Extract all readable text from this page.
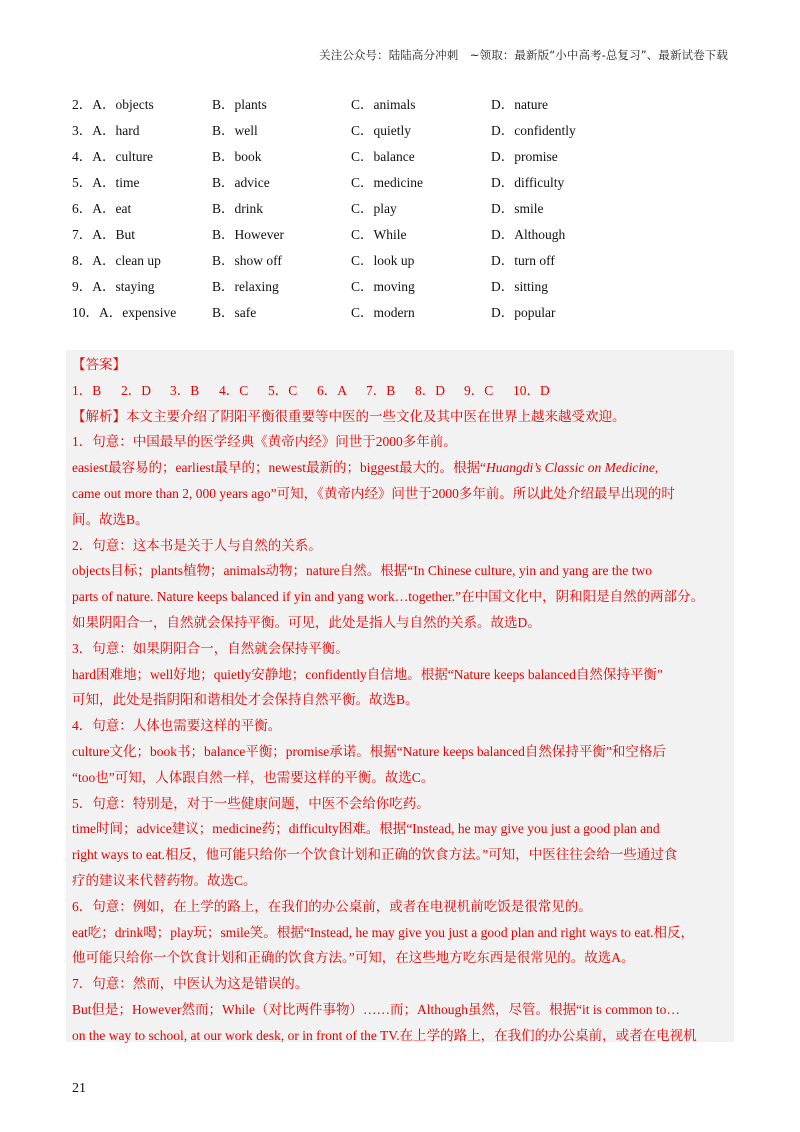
关注公众号：陆陆高分冲刺　~领取：最新版“小中高考-总复习”、最新试卷下载
2．A．objects	B．plants	C．animals	D．nature
3．A．hard	B．well	C．quietly	D．confidently
4．A．culture	B．book	C．balance	D．promise
5．A．time	B．advice	C．medicine	D．difficulty
6．A．eat	B．drink	C．play	D．smile
7．A．But	B．However	C．While	D．Although
8．A．clean up	B．show off	C．look up	D．turn off
9．A．staying	B．relaxing	C．moving	D．sitting
10．A．expensive	B．safe	C．modern	D．popular
【答案】
1．B 2．D 3．B 4．C 5．C 6．A 7．B 8．D 9．C 10．D
【解析】本文主要介绍了阴阳平衡很重要等中医的一些文化及其中医在世界上越来越受欢迎。
1．句意：中国最早的医学经典《黄帝内经》问世于2000多年前。
easiest最容易的；earliest最早的；newest最新的；biggest最大的。根据“Huangdi’s Classic on Medicine,
came out more than 2, 000 years ago”可知，《黄帝内经》问世于2000多年前。所以此处介绍最早出现的时
间。故选B。
2．句意：这本书是关于人与自然的关系。
objects目标；plants植物；animals动物；nature自然。根据“In Chinese culture, yin and yang are the two
parts of nature. Nature keeps balanced if yin and yang work…together.”在中国文化中，阴和阳是自然的两部分。
如果阴阳合一，自然就会保持平衡。可见，此处是指人与自然的关系。故选D。
3．句意：如果阴阳合一，自然就会保持平衡。
hard困难地；well好地；quietly安静地；confidently自信地。根据“Nature keeps balanced自然保持平衡”
可知，此处是指阴阳和谐相处才会保持自然平衡。故选B。
4．句意：人体也需要这样的平衡。
culture文化；book书；balance平衡；promise承诺。根据“Nature keeps balanced自然保持平衡”和空格后
“too也”可知，人体跟自然一样，也需要这样的平衡。故选C。
5．句意：特别是，对于一些健康问题，中医不会给你吃药。
time时间；advice建议；medicine药；difficulty困难。根据“Instead, he may give you just a good plan and
right ways to eat.相反，他可能只给你一个饮食计划和正确的饮食方法。”可知，中医往往会给一些通过食
疗的建议来代替药物。故选C。
6．句意：例如，在上学的路上，在我们的办公桌前，或者在电视机前吃饭是很常见的。
eat吃；drink喝；play玩；smile笑。根据“Instead, he may give you just a good plan and right ways to eat.相反，
他可能只给你一个饮食计划和正确的饮食方法。”可知，在这些地方吃东西是很常见的。故选A。
7．句意：然而，中医认为这是错误的。
But但是；However然而；While（对比两件事物）……而；Although虽然，尽管。根据“it is common to…
on the way to school, at our work desk, or in front of the TV.在上学的路上，在我们的办公桌前，或者在电视机
21
